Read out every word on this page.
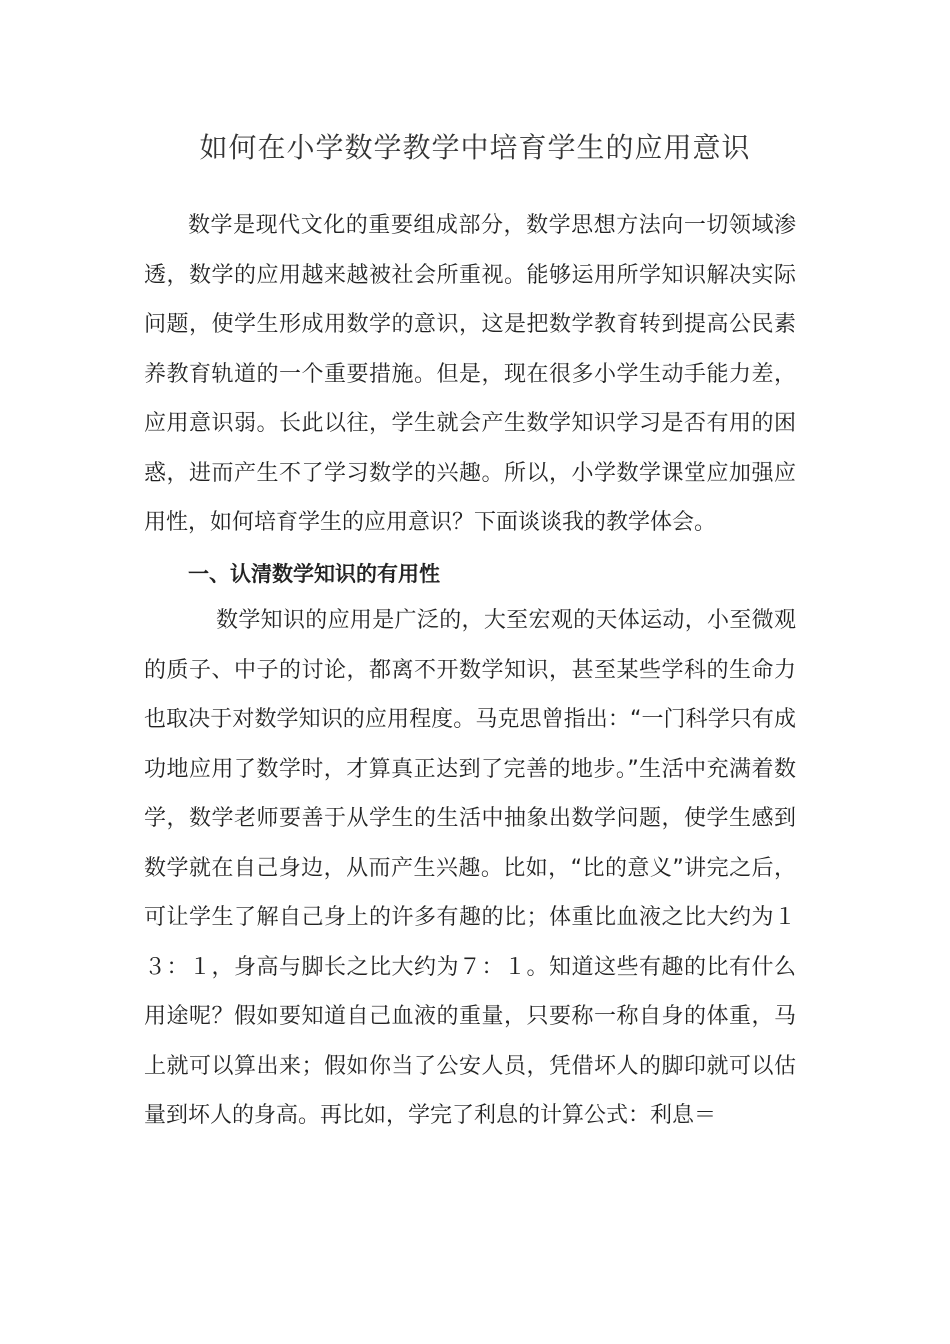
如何在小学数学教学中培育学生的应用意识
数学是现代文化的重要组成部分，数学思想方法向一切领域渗透，数学的应用越来越被社会所重视。能够运用所学知识解决实际问题，使学生形成用数学的意识，这是把数学教育转到提高公民素养教育轨道的一个重要措施。但是，现在很多小学生动手能力差，应用意识弱。长此以往，学生就会产生数学知识学习是否有用的困惑，进而产生不了学习数学的兴趣。所以，小学数学课堂应加强应用性，如何培育学生的应用意识？下面谈谈我的教学体会。
一、认清数学知识的有用性
数学知识的应用是广泛的，大至宏观的天体运动，小至微观的质子、中子的讨论，都离不开数学知识，甚至某些学科的生命力也取决于对数学知识的应用程度。马克思曾指出：“一门科学只有成功地应用了数学时，才算真正达到了完善的地步。”生活中充满着数学，数学老师要善于从学生的生活中抽象出数学问题，使学生感到数学就在自己身边，从而产生兴趣。比如，“比的意义”讲完之后，可让学生了解自己身上的许多有趣的比；体重比血液之比大约为１３：１，身高与脚长之比大约为７：１。知道这些有趣的比有什么用途呢？假如要知道自己血液的重量，只要称一称自身的体重，马上就可以算出来；假如你当了公安人员，凭借坏人的脚印就可以估量到坏人的身高。再比如，学完了利息的计算公式：利息＝
